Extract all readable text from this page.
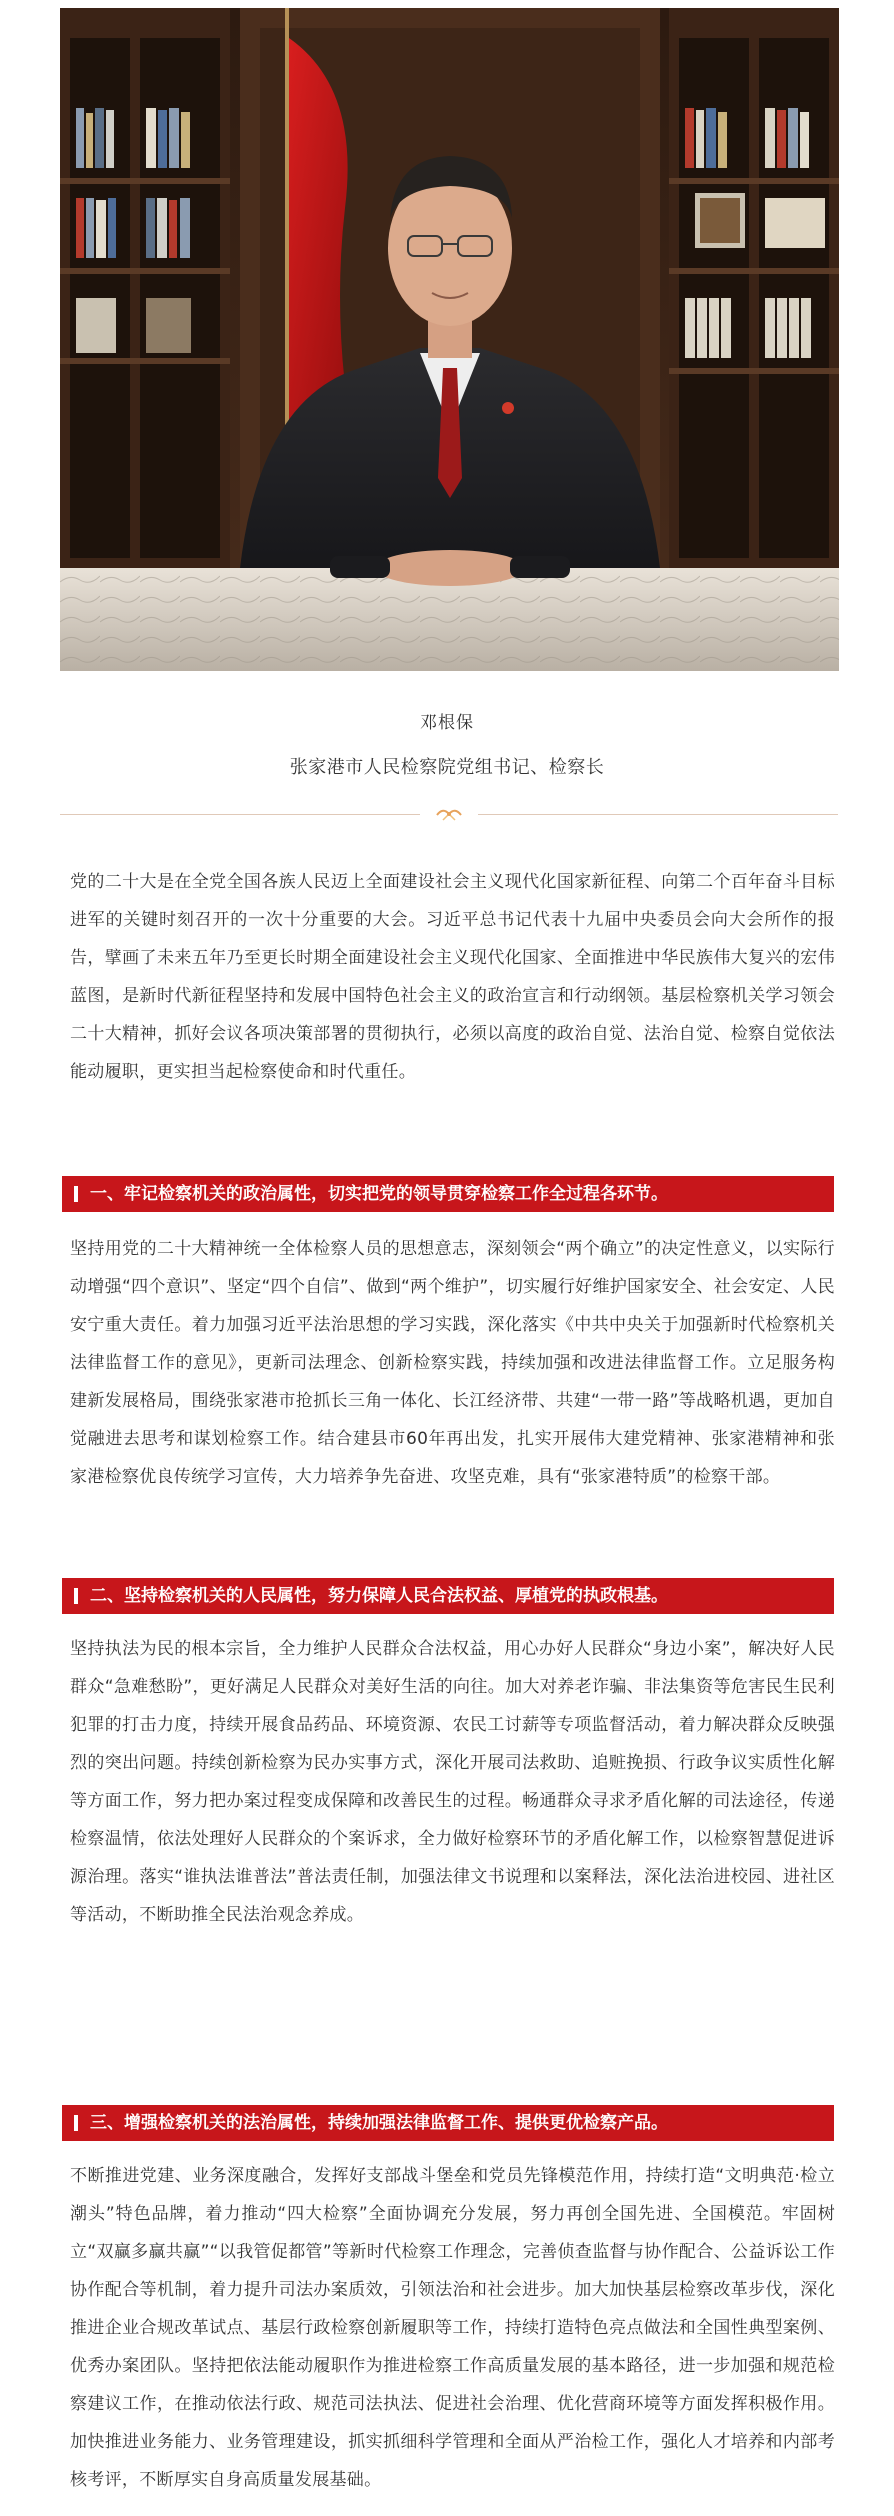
邓根保
张家港市人民检察院党组书记、检察长

党的二十大是在全党全国各族人民迈上全面建设社会主义现代化国家新征程、向第二个百年奋斗目标进军的关键时刻召开的一次十分重要的大会。习近平总书记代表十九届中央委员会向大会所作的报告，擘画了未来五年乃至更长时期全面建设社会主义现代化国家、全面推进中华民族伟大复兴的宏伟蓝图，是新时代新征程坚持和发展中国特色社会主义的政治宣言和行动纲领。基层检察机关学习领会二十大精神，抓好会议各项决策部署的贯彻执行，必须以高度的政治自觉、法治自觉、检察自觉依法能动履职，更实担当起检察使命和时代重任。

一、牢记检察机关的政治属性，切实把党的领导贯穿检察工作全过程各环节。

坚持用党的二十大精神统一全体检察人员的思想意志，深刻领会“两个确立”的决定性意义，以实际行动增强“四个意识”、坚定“四个自信”、做到“两个维护”，切实履行好维护国家安全、社会安定、人民安宁重大责任。着力加强习近平法治思想的学习实践，深化落实《中共中央关于加强新时代检察机关法律监督工作的意见》，更新司法理念、创新检察实践，持续加强和改进法律监督工作。立足服务构建新发展格局，围绕张家港市抢抓长三角一体化、长江经济带、共建“一带一路”等战略机遇，更加自觉融进去思考和谋划检察工作。结合建县市60年再出发，扎实开展伟大建党精神、张家港精神和张家港检察优良传统学习宣传，大力培养争先奋进、攻坚克难，具有“张家港特质”的检察干部。

二、坚持检察机关的人民属性，努力保障人民合法权益、厚植党的执政根基。

坚持执法为民的根本宗旨，全力维护人民群众合法权益，用心办好人民群众“身边小案”，解决好人民群众“急难愁盼”，更好满足人民群众对美好生活的向往。加大对养老诈骗、非法集资等危害民生民利犯罪的打击力度，持续开展食品药品、环境资源、农民工讨薪等专项监督活动，着力解决群众反映强烈的突出问题。持续创新检察为民办实事方式，深化开展司法救助、追赃挽损、行政争议实质性化解等方面工作，努力把办案过程变成保障和改善民生的过程。畅通群众寻求矛盾化解的司法途径，传递检察温情，依法处理好人民群众的个案诉求，全力做好检察环节的矛盾化解工作，以检察智慧促进诉源治理。落实“谁执法谁普法”普法责任制，加强法律文书说理和以案释法，深化法治进校园、进社区等活动，不断助推全民法治观念养成。

三、增强检察机关的法治属性，持续加强法律监督工作、提供更优检察产品。

不断推进党建、业务深度融合，发挥好支部战斗堡垒和党员先锋模范作用，持续打造“文明典范·检立潮头”特色品牌，着力推动“四大检察”全面协调充分发展，努力再创全国先进、全国模范。牢固树立“双赢多赢共赢”“以我管促都管”等新时代检察工作理念，完善侦查监督与协作配合、公益诉讼工作协作配合等机制，着力提升司法办案质效，引领法治和社会进步。加大加快基层检察改革步伐，深化推进企业合规改革试点、基层行政检察创新履职等工作，持续打造特色亮点做法和全国性典型案例、优秀办案团队。坚持把依法能动履职作为推进检察工作高质量发展的基本路径，进一步加强和规范检察建议工作，在推动依法行政、规范司法执法、促进社会治理、优化营商环境等方面发挥积极作用。加快推进业务能力、业务管理建设，抓实抓细科学管理和全面从严治检工作，强化人才培养和内部考核考评，不断厚实自身高质量发展基础。
